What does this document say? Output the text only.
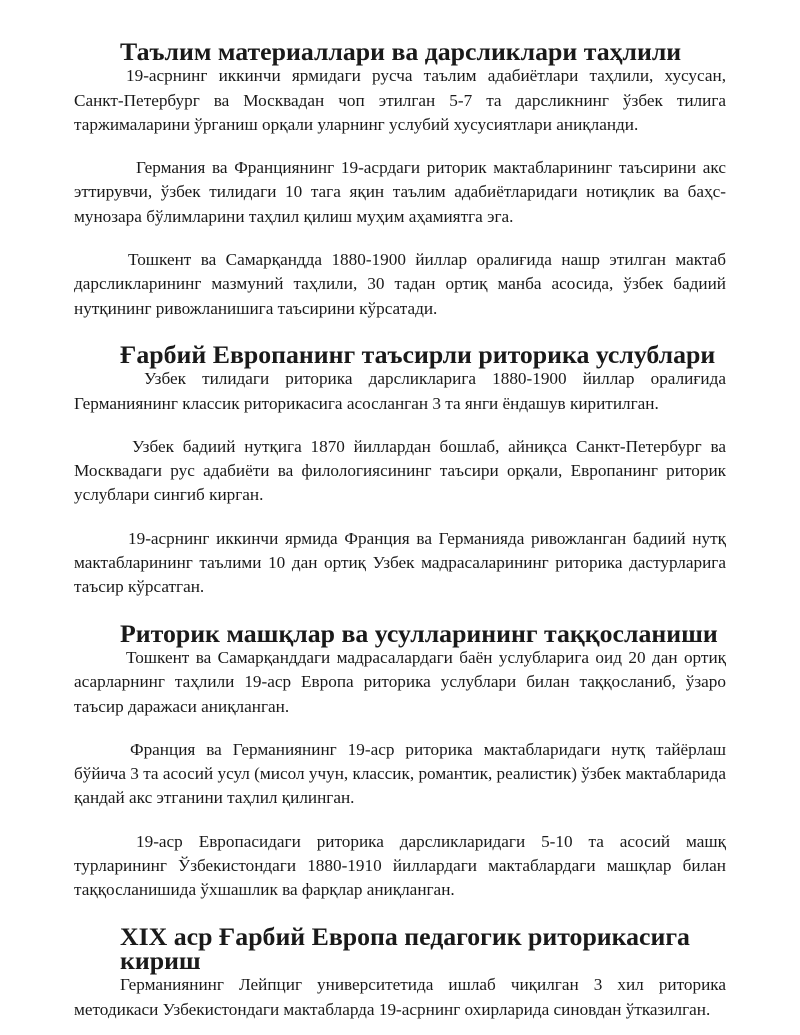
Таълим материаллари ва дарсликлари таҳлили

19-асрнинг иккинчи ярмидаги русча таълим адабиётлари таҳлили, хусусан, Санкт-Петербург ва Москвадан чоп этилган 5-7 та дарсликнинг ўзбек тилига таржималарини ўрганиш орқали уларнинг услубий хусусиятлари аниқланди.

Германия ва Франциянинг 19-асрдаги риторик мактабларининг таъсирини акс эттирувчи, ўзбек тилидаги 10 тага яқин таълим адабиётларидаги нотиқлик ва баҳс-мунозара бўлимларини таҳлил қилиш муҳим аҳамиятга эга.

Тошкент ва Самарқандда 1880-1900 йиллар оралиғида нашр этилган мактаб дарсликларининг мазмуний таҳлили, 30 тадан ортиқ манба асосида, ўзбек бадиий нутқининг ривожланишига таъсирини кўрсатади.

Ғарбий Европанинг таъсирли риторика услублари

Узбек тилидаги риторика дарсликларига 1880-1900 йиллар оралиғида Германиянинг классик риторикасига асосланган 3 та янги ёндашув киритилган.

Узбек бадиий нутқига 1870 йиллардан бошлаб, айниқса Санкт-Петербург ва Москвадаги рус адабиёти ва филологиясининг таъсири орқали, Европанинг риторик услублари сингиб кирган.

19-асрнинг иккинчи ярмида Франция ва Германияда ривожланган бадиий нутқ мактабларининг таълими 10 дан ортиқ Узбек мадрасаларининг риторика дастурларига таъсир кўрсатган.

Риторик машқлар ва усулларининг таққосланиши

Тошкент ва Самарқанддаги мадрасалардаги баён услубларига оид 20 дан ортиқ асарларнинг таҳлили 19-аср Европа риторика услублари билан таққосланиб, ўзаро таъсир даражаси аниқланган.

Франция ва Германиянинг 19-аср риторика мактабларидаги нутқ тайёрлаш бўйича 3 та асосий усул (мисол учун, классик, романтик, реалистик) ўзбек мактабларида қандай акс этганини таҳлил қилинган.

19-аср Европасидаги риторика дарсликларидаги 5-10 та асосий машқ турларининг Ўзбекистондаги 1880-1910 йиллардаги мактаблардаги машқлар билан таққосланишида ўхшашлик ва фарқлар аниқланган.

XIX аср Ғарбий Европа педагогик риторикасига кириш

Германиянинг Лейпциг университетида ишлаб чиқилган 3 хил риторика методикаси Узбекистондаги мактабларда 19-асрнинг охирларида синовдан ўтказилган.
